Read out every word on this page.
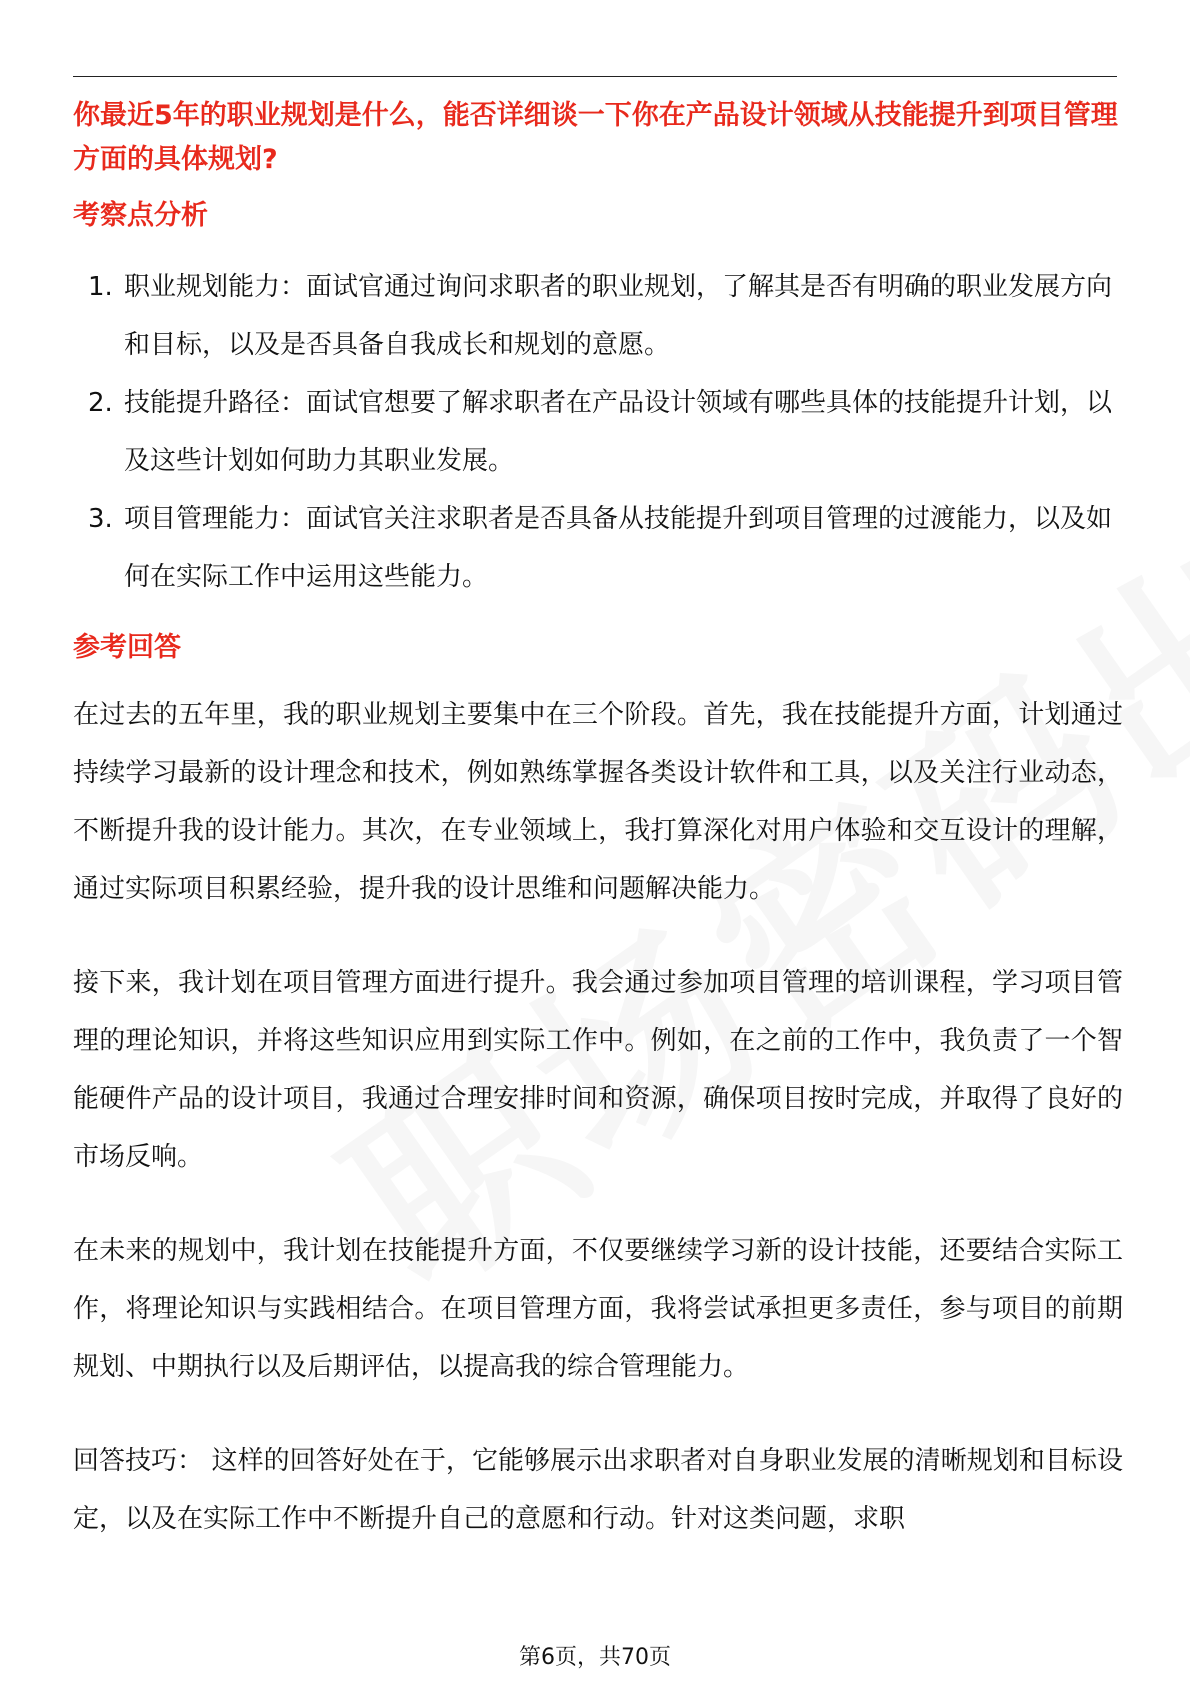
你最近5年的职业规划是什么，能否详细谈一下你在产品设计领域从技能提升到项目管理方面的具体规划?
考察点分析
1. 职业规划能力：面试官通过询问求职者的职业规划，了解其是否有明确的职业发展方向和目标，以及是否具备自我成长和规划的意愿。
2. 技能提升路径：面试官想要了解求职者在产品设计领域有哪些具体的技能提升计划，以及这些计划如何助力其职业发展。
3. 项目管理能力：面试官关注求职者是否具备从技能提升到项目管理的过渡能力，以及如何在实际工作中运用这些能力。
参考回答

在过去的五年里，我的职业规划主要集中在三个阶段。首先，我在技能提升方面，计划通过持续学习最新的设计理念和技术，例如熟练掌握各类设计软件和工具，以及关注行业动态，不断提升我的设计能力。其次，在专业领域上，我打算深化对用户体验和交互设计的理解，通过实际项目积累经验，提升我的设计思维和问题解决能力。

接下来，我计划在项目管理方面进行提升。我会通过参加项目管理的培训课程，学习项目管理的理论知识，并将这些知识应用到实际工作中。例如，在之前的工作中，我负责了一个智能硬件产品的设计项目，我通过合理安排时间和资源，确保项目按时完成，并取得了良好的市场反响。

在未来的规划中，我计划在技能提升方面，不仅要继续学习新的设计技能，还要结合实际工作，将理论知识与实践相结合。在项目管理方面，我将尝试承担更多责任，参与项目的前期规划、中期执行以及后期评估，以提高我的综合管理能力。

回答技巧： 这样的回答好处在于，它能够展示出求职者对自身职业发展的清晰规划和目标设定，以及在实际工作中不断提升自己的意愿和行动。针对这类问题，求职

第6页，共70页
